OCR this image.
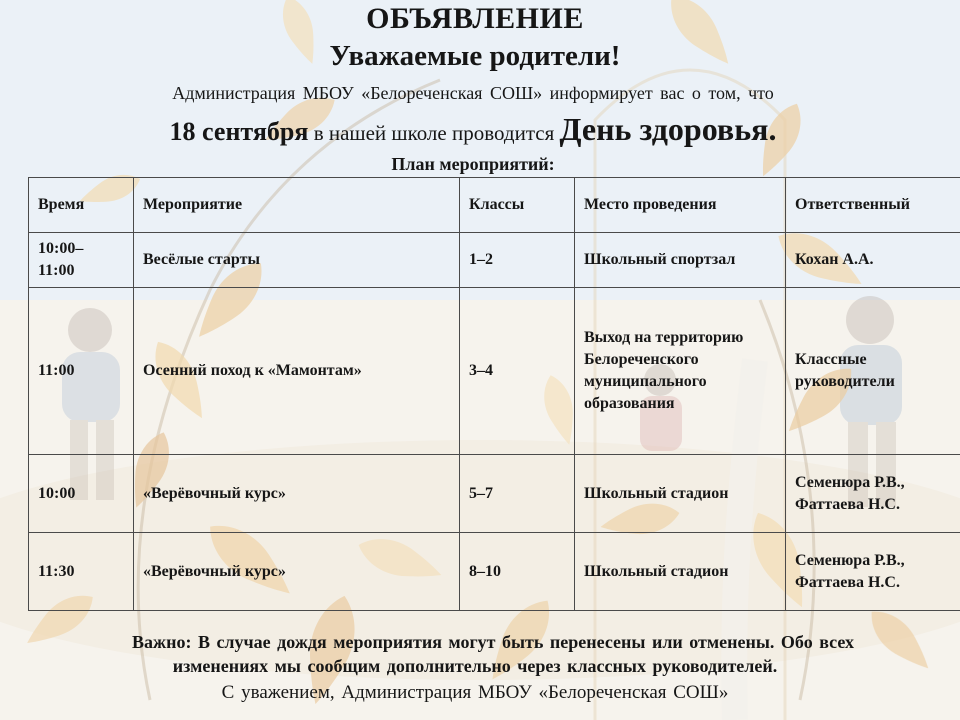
ОБЪЯВЛЕНИЕ
Уважаемые родители!
Администрация МБОУ «Белореченская СОШ» информирует вас о том, что
18 сентября в нашей школе проводится День здоровья.
План мероприятий:
Время	Мероприятие	Классы	Место проведения	Ответственный
10:00–
11:00	Весёлые старты	1–2	Школьный спортзал	Кохан А.А.
11:00	Осенний поход к «Мамонтам»	3–4	Выход на территорию Белореченского муниципального образования	Классные руководители
10:00	«Верёвочный курс»	5–7	Школьный стадион	Семенюра Р.В.,
Фаттаева Н.С.
11:30	«Верёвочный курс»	8–10	Школьный стадион	Семенюра Р.В.,
Фаттаева Н.С.
Важно: В случае дождя мероприятия могут быть перенесены или отменены. Обо всех
изменениях мы сообщим дополнительно через классных руководителей.
С уважением, Администрация МБОУ «Белореченская СОШ»
